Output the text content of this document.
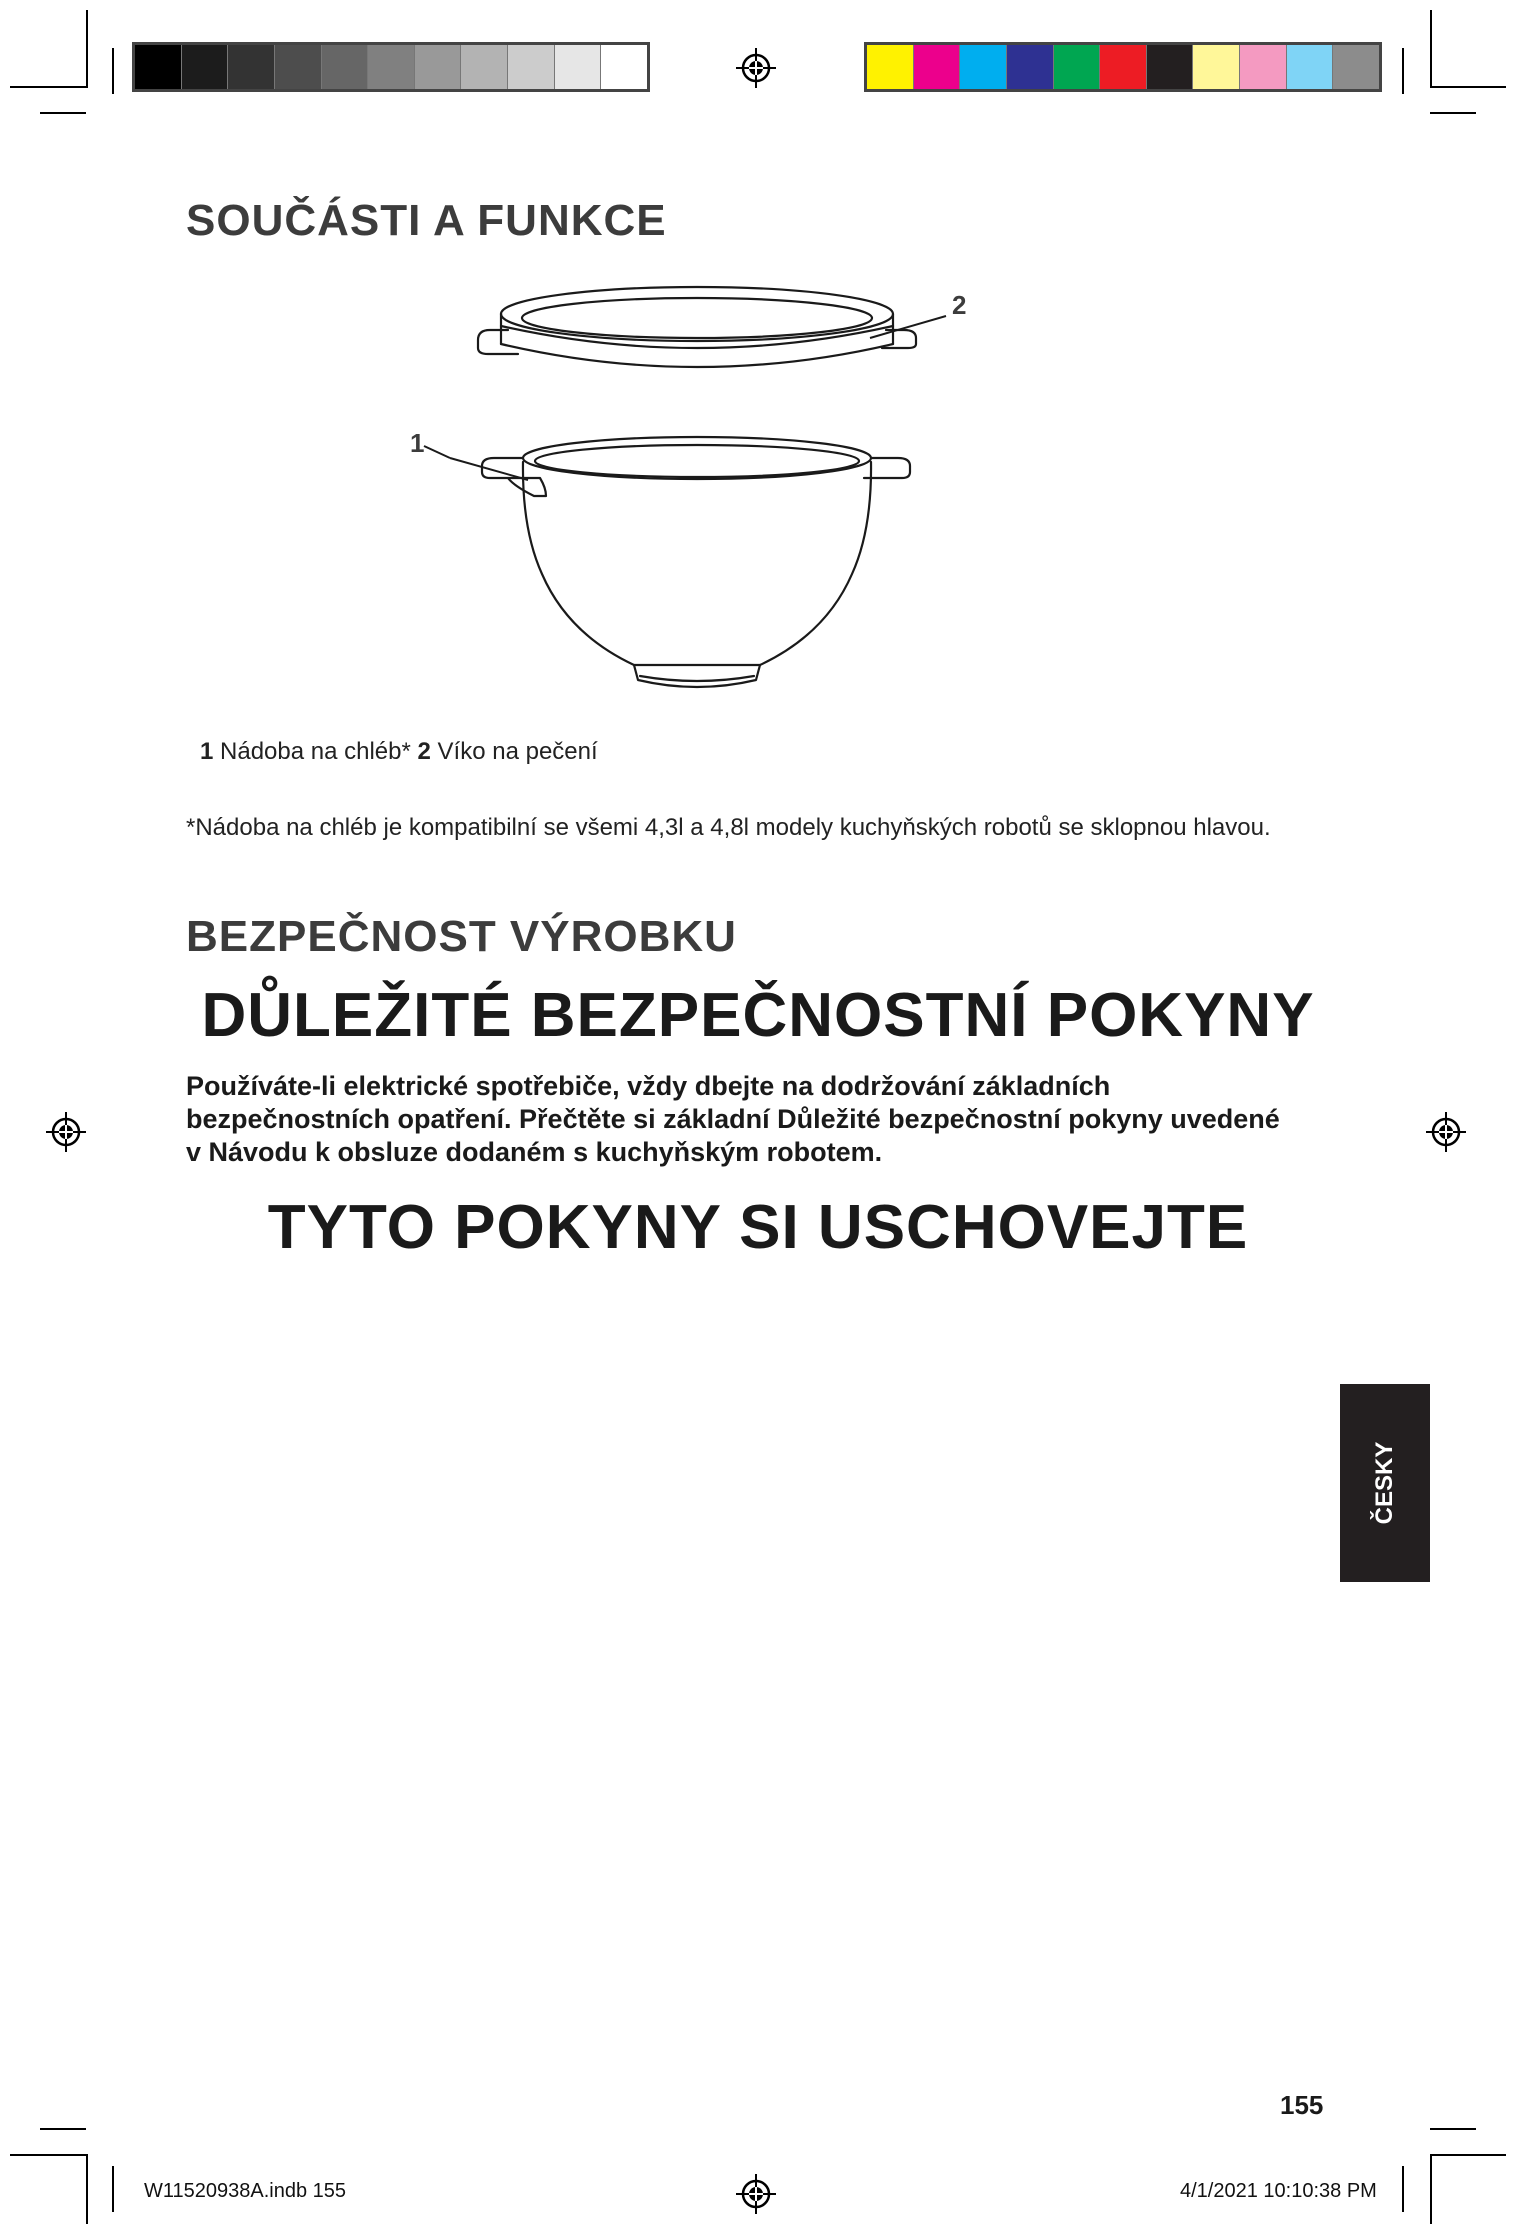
SOUČÁSTI A FUNKCE
1
2
1 Nádoba na chléb* 2 Víko na pečení
*Nádoba na chléb je kompatibilní se všemi 4,3l a 4,8l modely kuchyňských robotů se sklopnou hlavou.
BEZPEČNOST VÝROBKU
DŮLEŽITÉ BEZPEČNOSTNÍ POKYNY

Používáte-li elektrické spotřebiče, vždy dbejte na dodržování základních
bezpečnostních opatření. Přečtěte si základní Důležité bezpečnostní pokyny uvedené
v Návodu k obsluze dodaném s kuchyňským robotem.

TYTO POKYNY SI USCHOVEJTE
ČESKY
155
W11520938A.indb 155	4/1/2021 10:10:38 PM
